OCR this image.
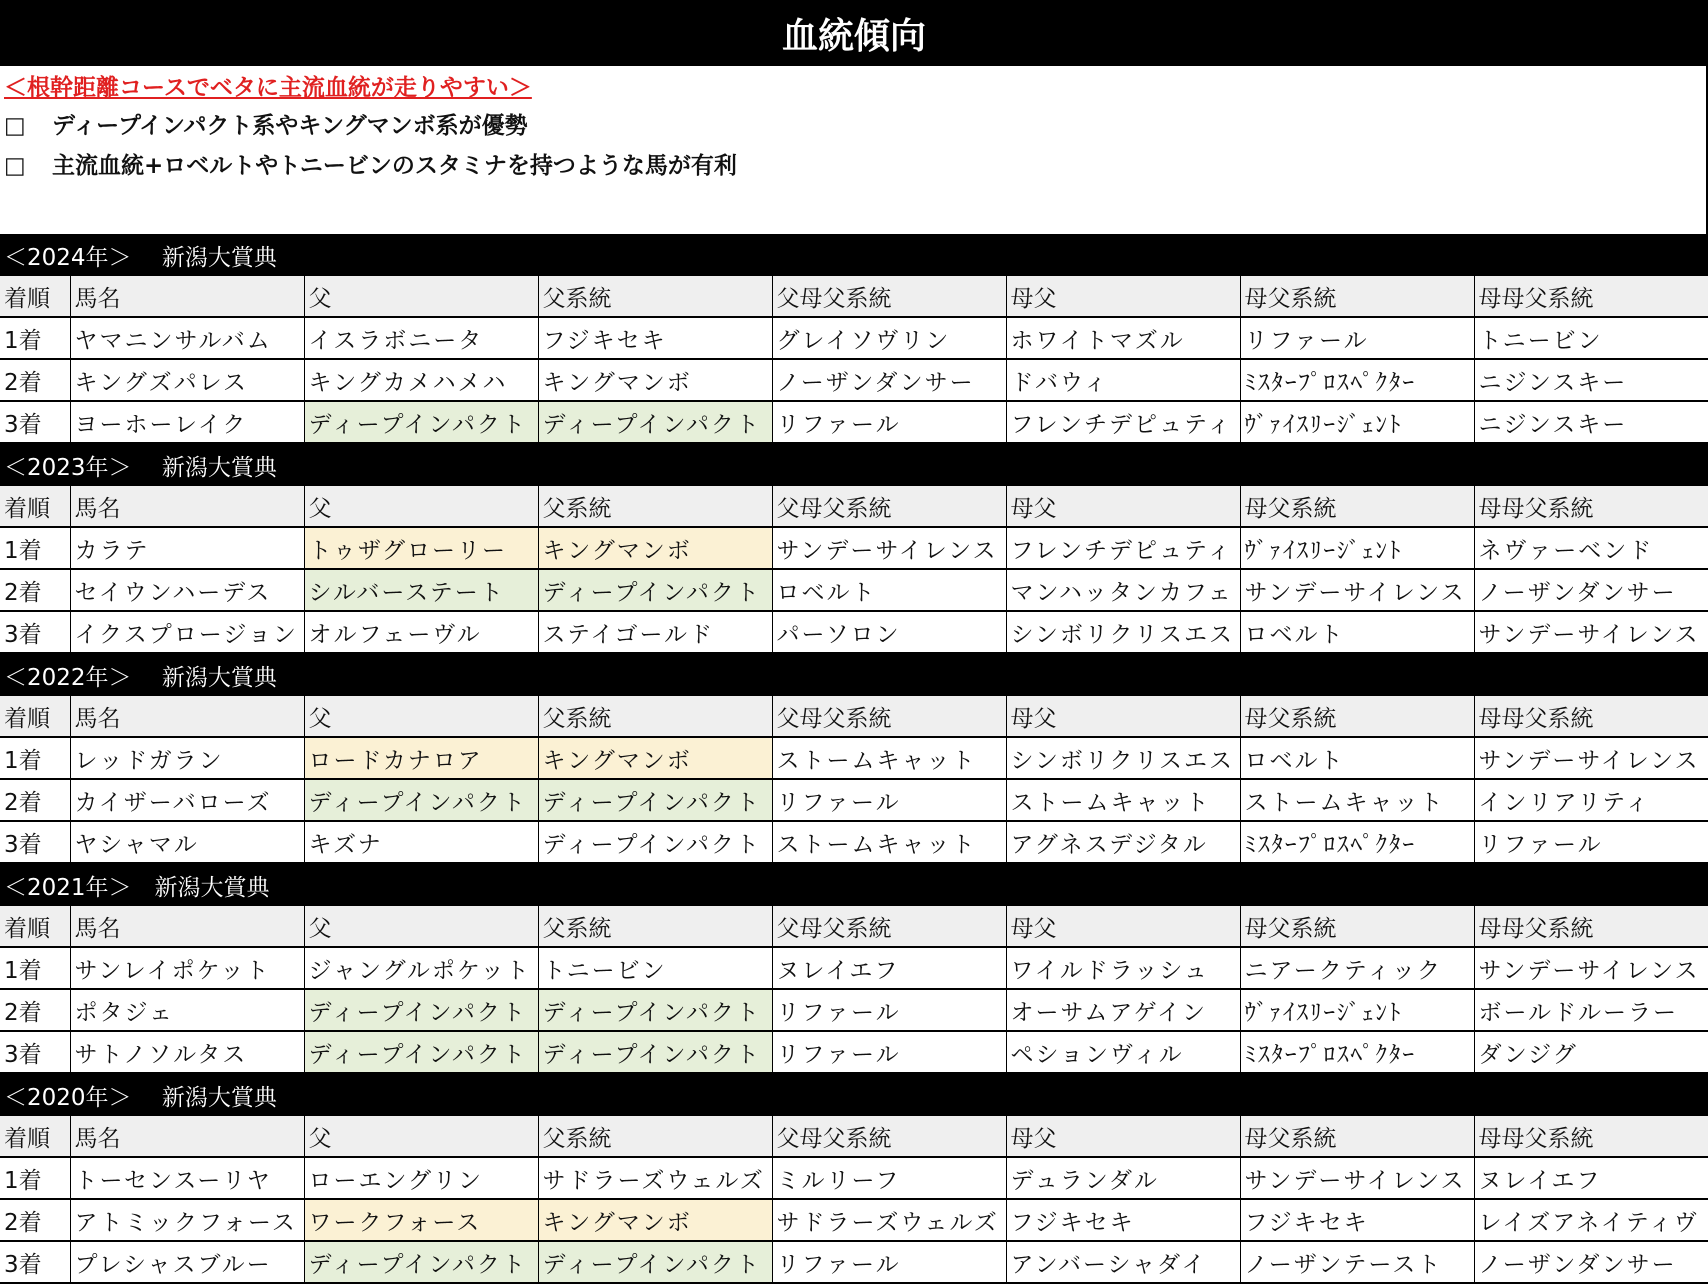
血統傾向
＜根幹距離コースでベタに主流血統が走りやすい＞
□	ディープインパクト系やキングマンボ系が優勢
□	主流血統+ロベルトやトニービンのスタミナを持つような馬が有利
＜2024年＞　 新潟大賞典							
着順	馬名	父	父系統	父母父系統	母父	母父系統	母母父系統
1着	ヤマニンサルバム	イスラボニータ	フジキセキ	グレイソヴリン	ホワイトマズル	リファール	トニービン
2着	キングズパレス	キングカメハメハ	キングマンボ	ノーザンダンサー	ドバウィ	ﾐｽﾀｰﾌﾟﾛｽﾍﾟｸﾀｰ	ニジンスキー
3着	ヨーホーレイク	ディープインパクト	ディープインパクト	リファール	フレンチデピュティ	ｳﾞｧｲｽﾘｰｼﾞｪﾝﾄ	ニジンスキー
＜2023年＞　 新潟大賞典							
着順	馬名	父	父系統	父母父系統	母父	母父系統	母母父系統
1着	カラテ	トゥザグローリー	キングマンボ	サンデーサイレンス	フレンチデピュティ	ｳﾞｧｲｽﾘｰｼﾞｪﾝﾄ	ネヴァーベンド
2着	セイウンハーデス	シルバーステート	ディープインパクト	ロベルト	マンハッタンカフェ	サンデーサイレンス	ノーザンダンサー
3着	イクスプロージョン	オルフェーヴル	ステイゴールド	パーソロン	シンボリクリスエス	ロベルト	サンデーサイレンス
＜2022年＞　 新潟大賞典							
着順	馬名	父	父系統	父母父系統	母父	母父系統	母母父系統
1着	レッドガラン	ロードカナロア	キングマンボ	ストームキャット	シンボリクリスエス	ロベルト	サンデーサイレンス
2着	カイザーバローズ	ディープインパクト	ディープインパクト	リファール	ストームキャット	ストームキャット	インリアリティ
3着	ヤシャマル	キズナ	ディープインパクト	ストームキャット	アグネスデジタル	ﾐｽﾀｰﾌﾟﾛｽﾍﾟｸﾀｰ	リファール
＜2021年＞　新潟大賞典							
着順	馬名	父	父系統	父母父系統	母父	母父系統	母母父系統
1着	サンレイポケット	ジャングルポケット	トニービン	ヌレイエフ	ワイルドラッシュ	ニアークティック	サンデーサイレンス
2着	ポタジェ	ディープインパクト	ディープインパクト	リファール	オーサムアゲイン	ｳﾞｧｲｽﾘｰｼﾞｪﾝﾄ	ボールドルーラー
3着	サトノソルタス	ディープインパクト	ディープインパクト	リファール	ペションヴィル	ﾐｽﾀｰﾌﾟﾛｽﾍﾟｸﾀｰ	ダンジグ
＜2020年＞　 新潟大賞典							
着順	馬名	父	父系統	父母父系統	母父	母父系統	母母父系統
1着	トーセンスーリヤ	ローエングリン	サドラーズウェルズ	ミルリーフ	デュランダル	サンデーサイレンス	ヌレイエフ
2着	アトミックフォース	ワークフォース	キングマンボ	サドラーズウェルズ	フジキセキ	フジキセキ	レイズアネイティヴ
3着	プレシャスブルー	ディープインパクト	ディープインパクト	リファール	アンバーシャダイ	ノーザンテースト	ノーザンダンサー
